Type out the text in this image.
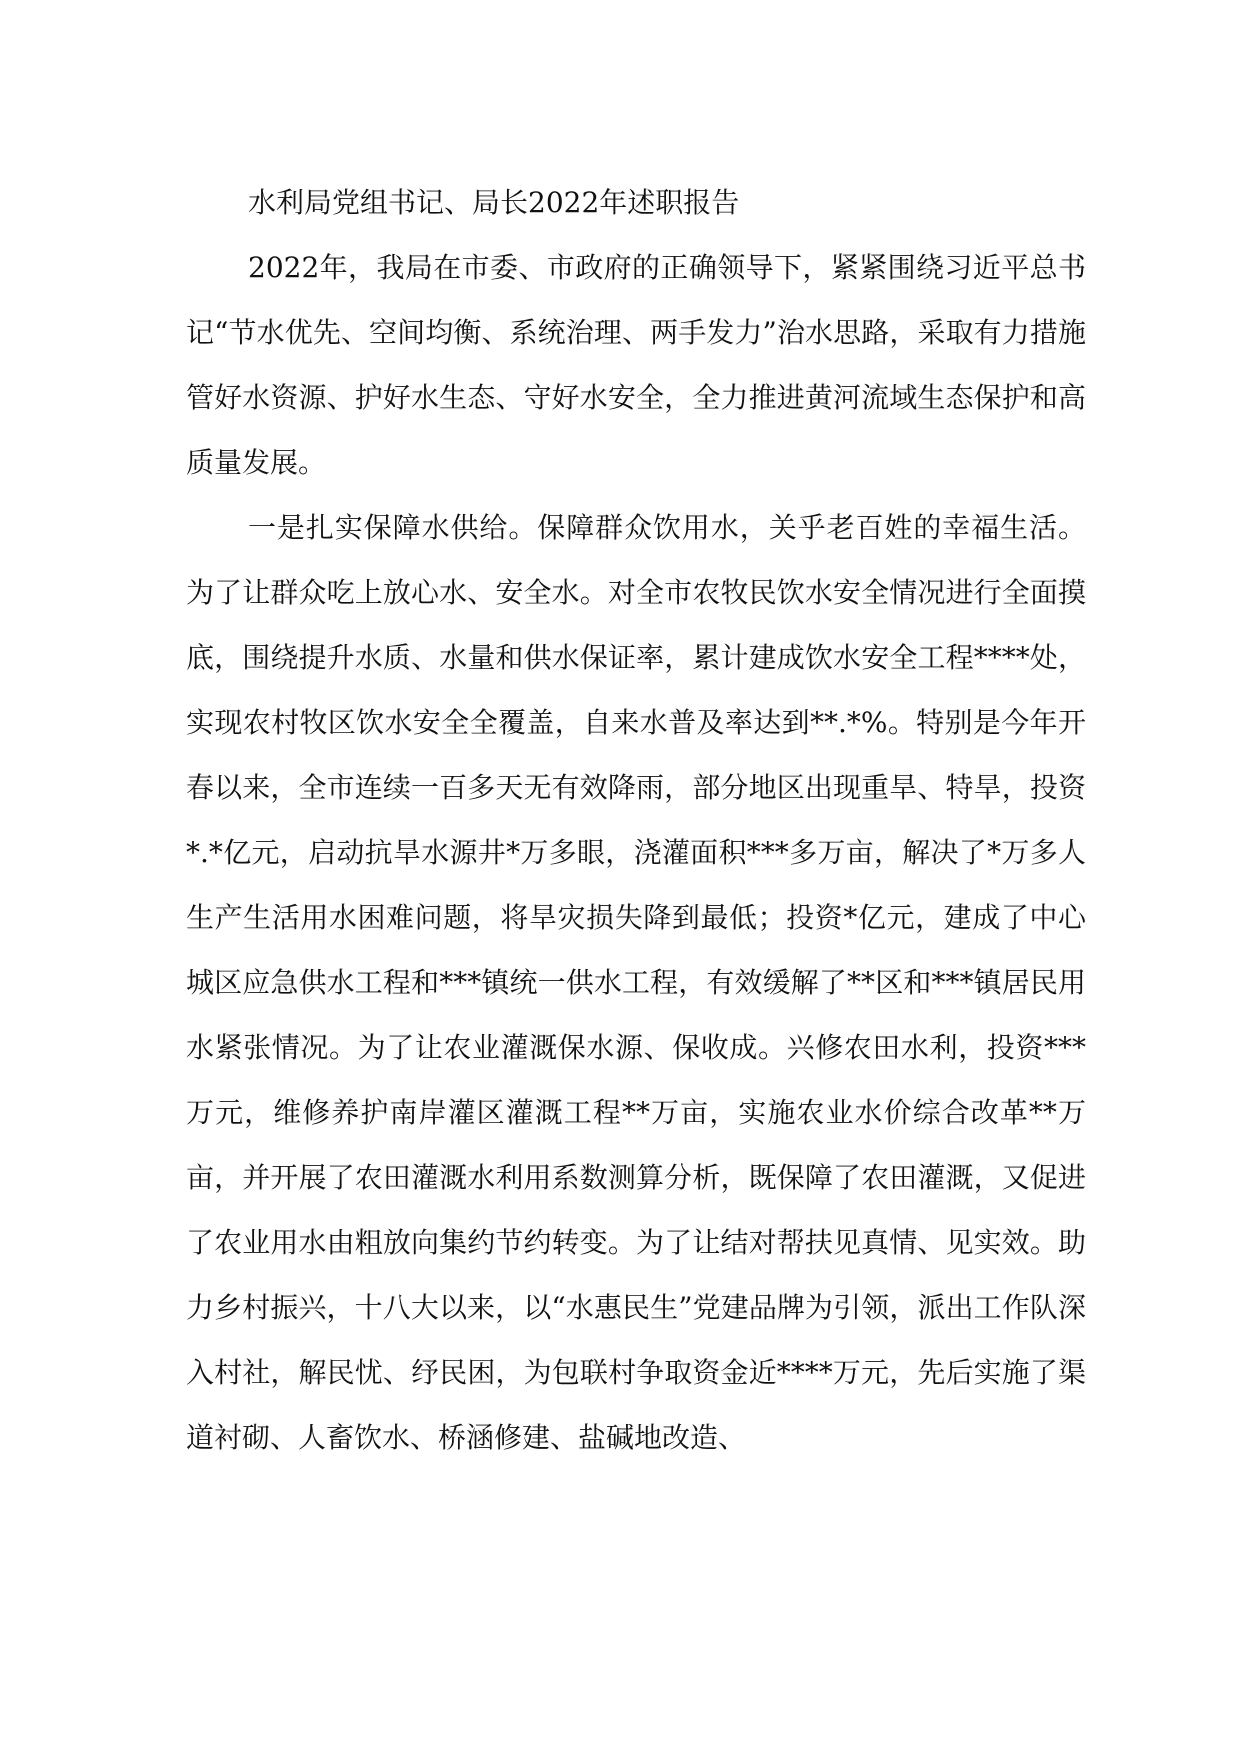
水利局党组书记、局长2022年述职报告

2022年，我局在市委、市政府的正确领导下，紧紧围绕习近平总书记“节水优先、空间均衡、系统治理、两手发力”治水思路，采取有力措施管好水资源、护好水生态、守好水安全，全力推进黄河流域生态保护和高质量发展。

一是扎实保障水供给。保障群众饮用水，关乎老百姓的幸福生活。为了让群众吃上放心水、安全水。对全市农牧民饮水安全情况进行全面摸底，围绕提升水质、水量和供水保证率，累计建成饮水安全工程****处，实现农村牧区饮水安全全覆盖，自来水普及率达到**.*%。特别是今年开春以来，全市连续一百多天无有效降雨，部分地区出现重旱、特旱，投资*.*亿元，启动抗旱水源井*万多眼，浇灌面积***多万亩，解决了*万多人生产生活用水困难问题，将旱灾损失降到最低；投资*亿元，建成了中心城区应急供水工程和***镇统一供水工程，有效缓解了**区和***镇居民用水紧张情况。为了让农业灌溉保水源、保收成。兴修农田水利，投资***万元，维修养护南岸灌区灌溉工程**万亩，实施农业水价综合改革**万亩，并开展了农田灌溉水利用系数测算分析，既保障了农田灌溉，又促进了农业用水由粗放向集约节约转变。为了让结对帮扶见真情、见实效。助力乡村振兴，十八大以来，以“水惠民生”党建品牌为引领，派出工作队深入村社，解民忧、纾民困，为包联村争取资金近****万元，先后实施了渠道衬砌、人畜饮水、桥涵修建、盐碱地改造、
